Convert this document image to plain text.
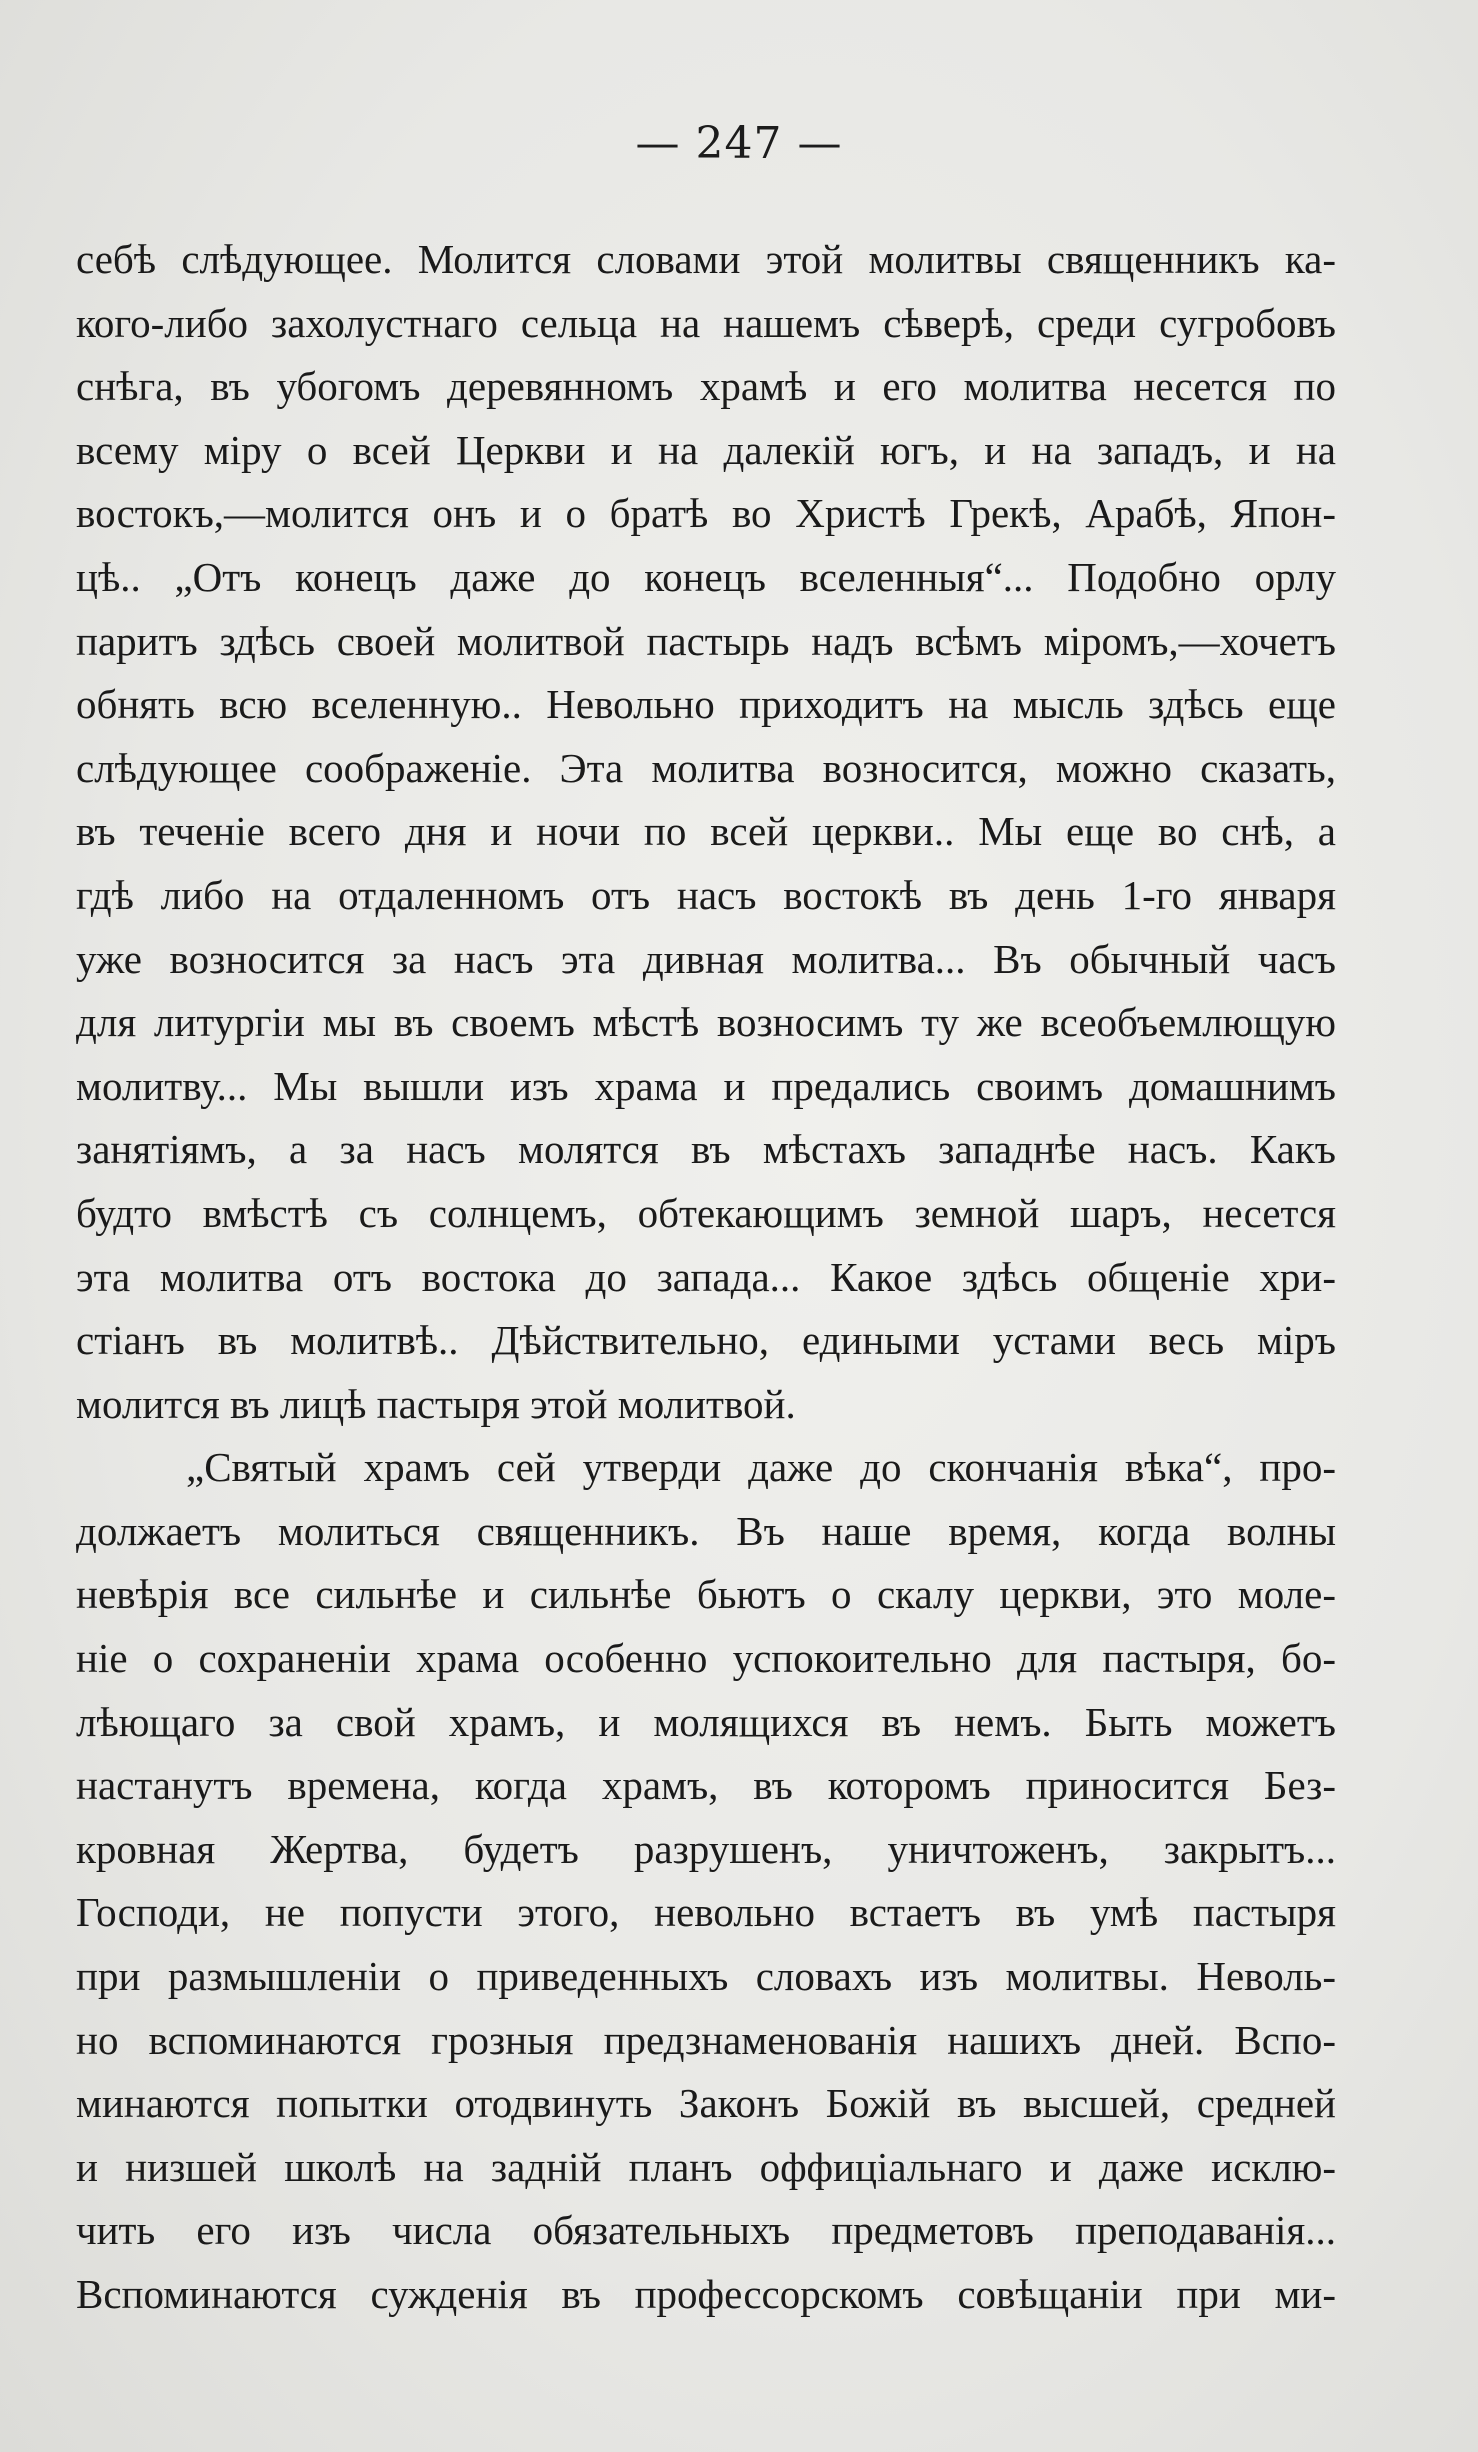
— 247 —
себѣ слѣдующее. Молится словами этой молитвы священникъ ка-
кого-либо захолустнаго сельца на нашемъ сѣверѣ, среди сугробовъ
снѣга, въ убогомъ деревянномъ храмѣ и его молитва несется по
всему міру о всей Церкви и на далекій югъ, и на западъ, и на
востокъ,—молится онъ и о братѣ во Христѣ Грекѣ, Арабѣ, Япон-
цѣ.. „Отъ конецъ даже до конецъ вселенныя“... Подобно орлу
паритъ здѣсь своей молитвой пастырь надъ всѣмъ міромъ,—хочетъ
обнять всю вселенную.. Невольно приходитъ на мысль здѣсь еще
слѣдующее соображеніе. Эта молитва возносится, можно сказать,
въ теченіе всего дня и ночи по всей церкви.. Мы еще во снѣ, а
гдѣ либо на отдаленномъ отъ насъ востокѣ въ день 1-го января
уже возносится за насъ эта дивная молитва... Въ обычный часъ
для литургіи мы въ своемъ мѣстѣ возносимъ ту же всеобъемлющую
молитву... Мы вышли изъ храма и предались своимъ домашнимъ
занятіямъ, а за насъ молятся въ мѣстахъ западнѣе насъ. Какъ
будто вмѣстѣ съ солнцемъ, обтекающимъ земной шаръ, несется
эта молитва отъ востока до запада... Какое здѣсь общеніе хри-
стіанъ въ молитвѣ.. Дѣйствительно, едиными устами весь міръ
молится въ лицѣ пастыря этой молитвой.
„Святый храмъ сей утверди даже до скончанія вѣка“, про-
должаетъ молиться священникъ. Въ наше время, когда волны
невѣрія все сильнѣе и сильнѣе бьютъ о скалу церкви, это моле-
ніе о сохраненіи храма особенно успокоительно для пастыря, бо-
лѣющаго за свой храмъ, и молящихся въ немъ. Быть можетъ
настанутъ времена, когда храмъ, въ которомъ приносится Без-
кровная Жертва, будетъ разрушенъ, уничтоженъ, закрытъ...
Господи, не попусти этого, невольно встаетъ въ умѣ пастыря
при размышленіи о приведенныхъ словахъ изъ молитвы. Неволь-
но вспоминаются грозныя предзнаменованія нашихъ дней. Вспо-
минаются попытки отодвинуть Законъ Божій въ высшей, средней
и низшей школѣ на задній планъ оффиціальнаго и даже исклю-
чить его изъ числа обязательныхъ предметовъ преподаванія...
Вспоминаются сужденія въ профессорскомъ совѣщаніи при ми-
